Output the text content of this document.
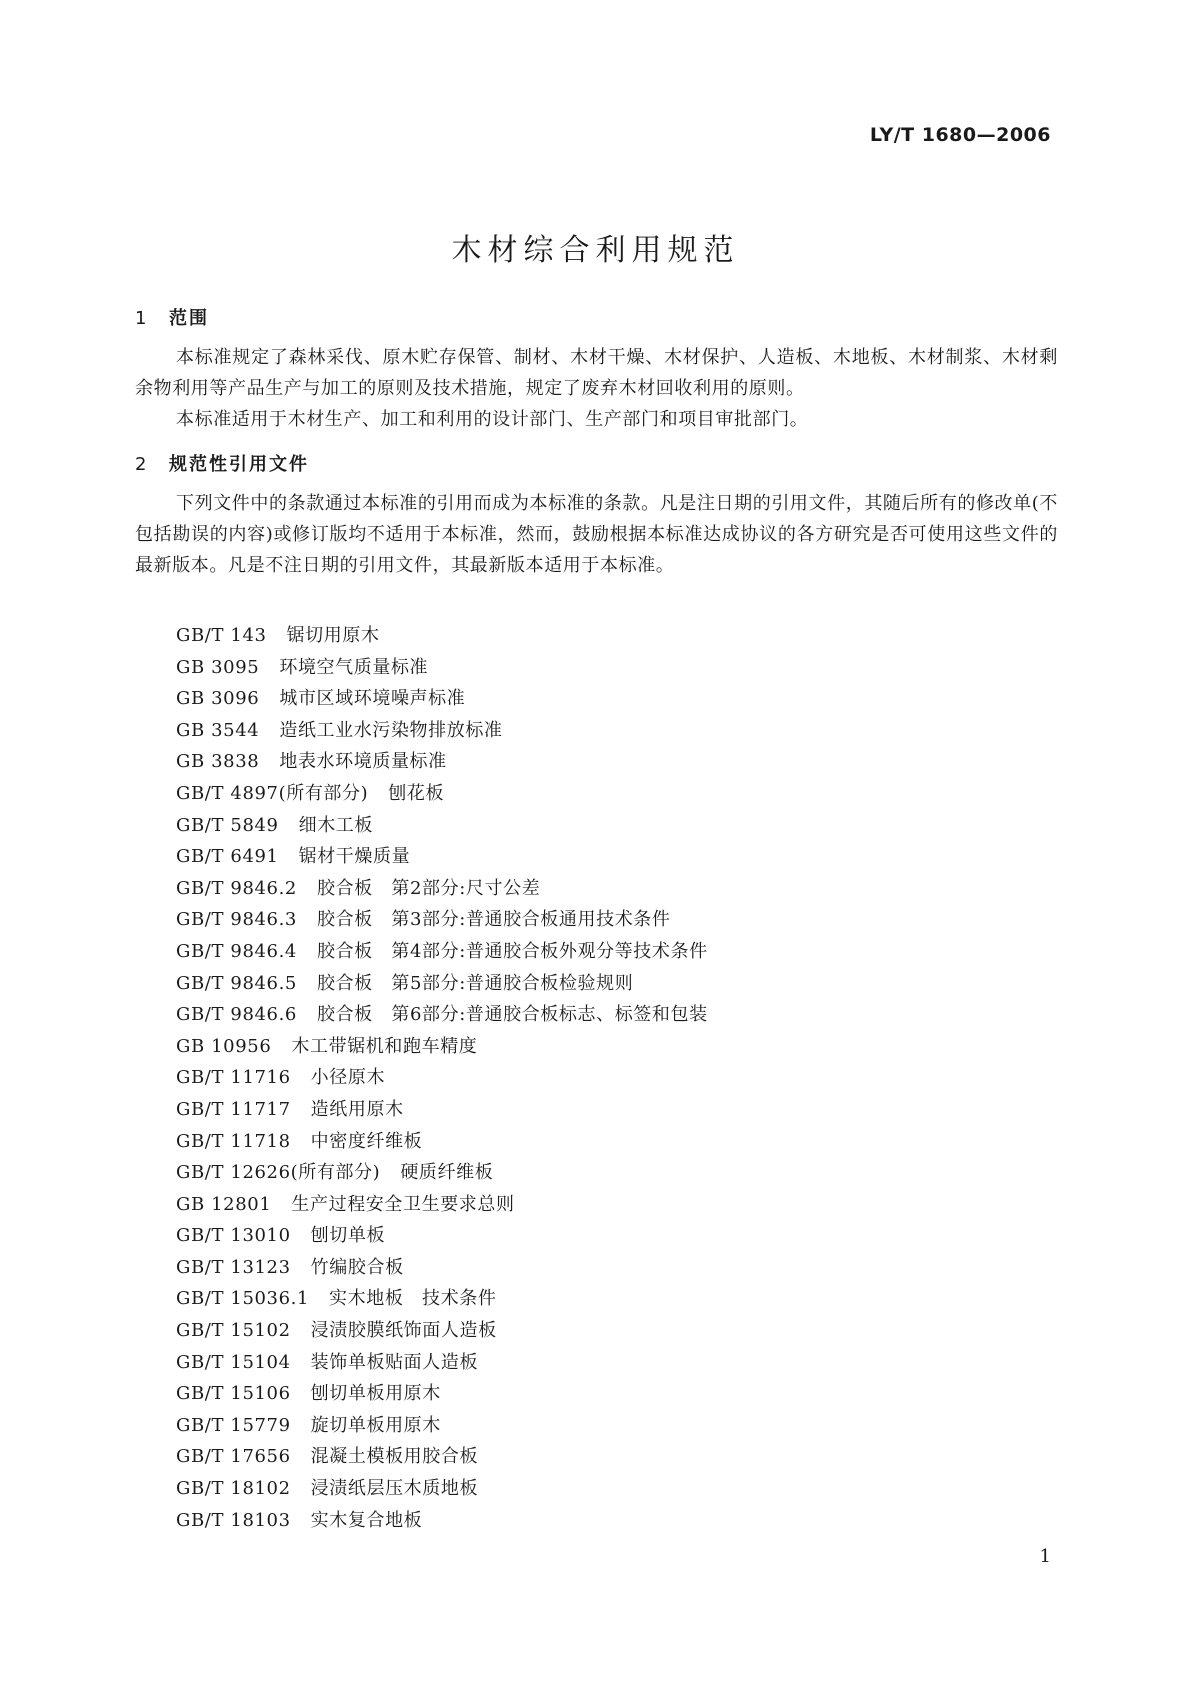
LY/T 1680—2006
木材综合利用规范
1 范围

本标准规定了森林采伐、原木贮存保管、制材、木材干燥、木材保护、人造板、木地板、木材制浆、木材剩余物利用等产品生产与加工的原则及技术措施，规定了废弃木材回收利用的原则。

本标准适用于木材生产、加工和利用的设计部门、生产部门和项目审批部门。

2 规范性引用文件

下列文件中的条款通过本标准的引用而成为本标准的条款。凡是注日期的引用文件，其随后所有的修改单(不包括勘误的内容)或修订版均不适用于本标准，然而，鼓励根据本标准达成协议的各方研究是否可使用这些文件的最新版本。凡是不注日期的引用文件，其最新版本适用于本标准。

GB/T 143 锯切用原木
GB 3095 环境空气质量标准
GB 3096 城市区域环境噪声标准
GB 3544 造纸工业水污染物排放标准
GB 3838 地表水环境质量标准
GB/T 4897(所有部分) 刨花板
GB/T 5849 细木工板
GB/T 6491 锯材干燥质量
GB/T 9846.2 胶合板　第2部分:尺寸公差
GB/T 9846.3 胶合板　第3部分:普通胶合板通用技术条件
GB/T 9846.4 胶合板　第4部分:普通胶合板外观分等技术条件
GB/T 9846.5 胶合板　第5部分:普通胶合板检验规则
GB/T 9846.6 胶合板　第6部分:普通胶合板标志、标签和包装
GB 10956 木工带锯机和跑车精度
GB/T 11716 小径原木
GB/T 11717 造纸用原木
GB/T 11718 中密度纤维板
GB/T 12626(所有部分) 硬质纤维板
GB 12801 生产过程安全卫生要求总则
GB/T 13010 刨切单板
GB/T 13123 竹编胶合板
GB/T 15036.1 实木地板　技术条件
GB/T 15102 浸渍胶膜纸饰面人造板
GB/T 15104 装饰单板贴面人造板
GB/T 15106 刨切单板用原木
GB/T 15779 旋切单板用原木
GB/T 17656 混凝土模板用胶合板
GB/T 18102 浸渍纸层压木质地板
GB/T 18103 实木复合地板
1
